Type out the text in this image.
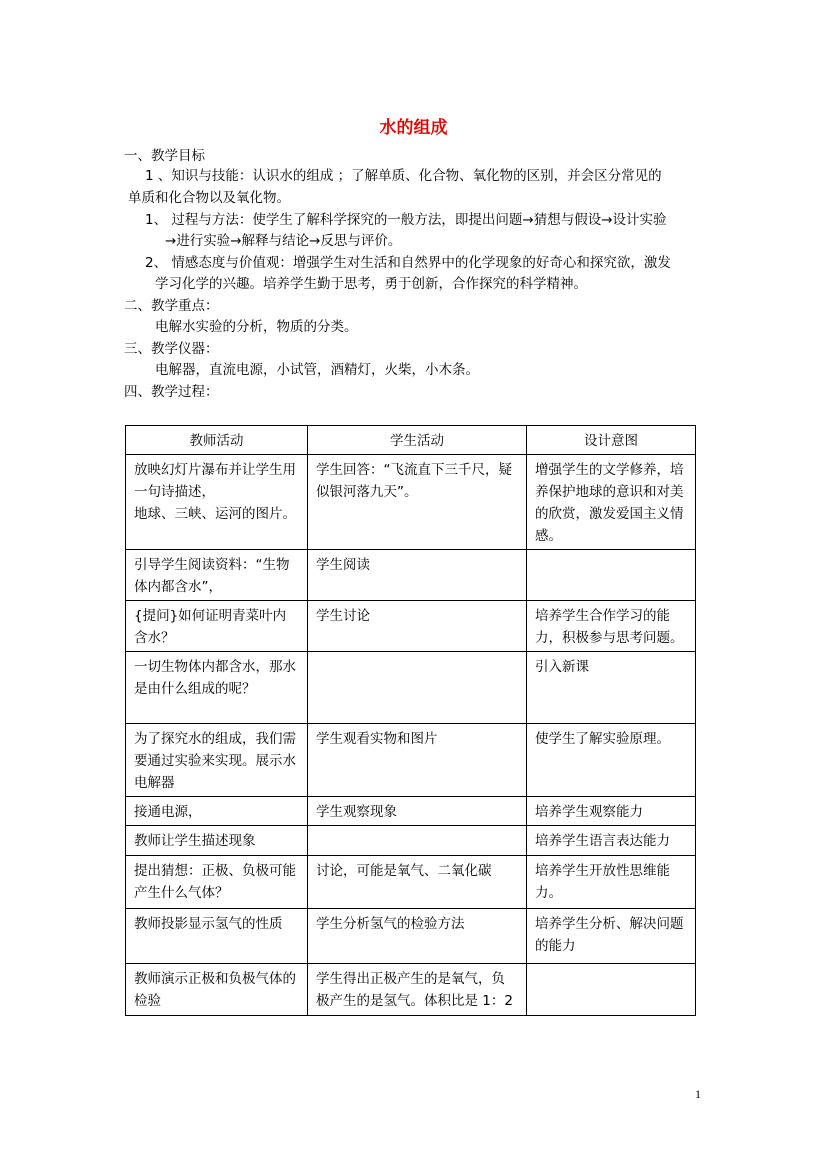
水的组成
一、教学目标
1 、知识与技能：认识水的组成 ；了解单质、化合物、氧化物的区别，并会区分常见的
单质和化合物以及氧化物。
1、 过程与方法：使学生了解科学探究的一般方法，即提出问题→猜想与假设→设计实验
→进行实验→解释与结论→反思与评价。
2、 情感态度与价值观：增强学生对生活和自然界中的化学现象的好奇心和探究欲，激发
学习化学的兴趣。培养学生勤于思考，勇于创新，合作探究的科学精神。
二、教学重点：
电解水实验的分析，物质的分类。
三、教学仪器：
电解器，直流电源，小试管，酒精灯，火柴，小木条。
四、教学过程：
教师活动	学生活动	设计意图
放映幻灯片瀑布并让学生用一句诗描述，
地球、三峡、运河的图片。	学生回答：“飞流直下三千尺，疑似银河落九天”。	增强学生的文学修养，培养保护地球的意识和对美的欣赏，激发爱国主义情感。
引导学生阅读资料：“生物体内都含水”，	学生阅读	
{提问}如何证明青菜叶内含水？	学生讨论	培养学生合作学习的能力，积极参与思考问题。
一切生物体内都含水，那水是由什么组成的呢？		引入新课
为了探究水的组成，我们需要通过实验来实现。展示水电解器	学生观看实物和图片	使学生了解实验原理。
接通电源，	学生观察现象	培养学生观察能力
教师让学生描述现象		培养学生语言表达能力
提出猜想：正极、负极可能产生什么气体？	讨论，可能是氧气、二氧化碳	培养学生开放性思维能力。
教师投影显示氢气的性质	学生分析氢气的检验方法	培养学生分析、解决问题的能力
教师演示正极和负极气体的检验	学生得出正极产生的是氧气，负极产生的是氢气。体积比是 1：2	
1
